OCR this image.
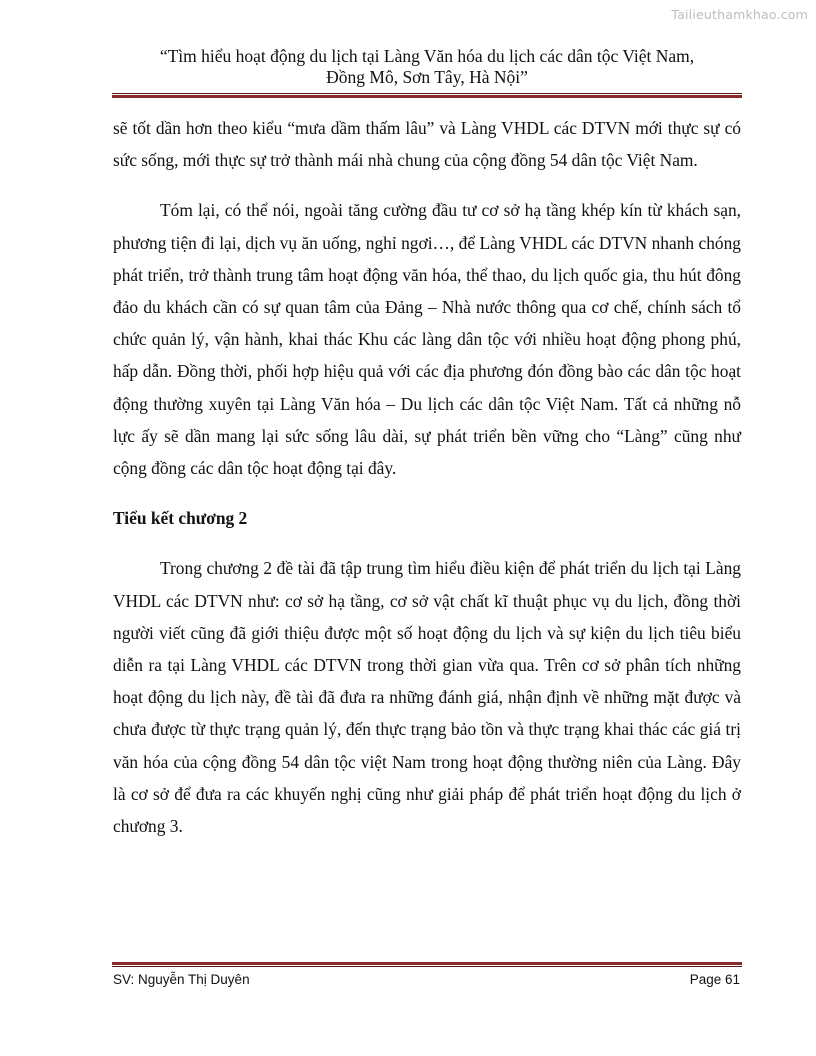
Tailieuthamkhao.com
“Tìm hiểu hoạt động du lịch tại Làng Văn hóa du lịch các dân tộc Việt Nam,
Đồng Mô, Sơn Tây, Hà Nội”

sẽ tốt dần hơn theo kiểu “mưa dầm thấm lâu” và Làng VHDL các DTVN mới thực sự có sức sống, mới thực sự trở thành mái nhà chung của cộng đồng 54 dân tộc Việt Nam.

Tóm lại, có thể nói, ngoài tăng cường đầu tư cơ sở hạ tầng khép kín từ khách sạn, phương tiện đi lại, dịch vụ ăn uống, nghỉ ngơi…, để Làng VHDL các DTVN nhanh chóng phát triển, trở thành trung tâm hoạt động văn hóa, thể thao, du lịch quốc gia, thu hút đông đảo du khách cần có sự quan tâm của Đảng – Nhà nước thông qua cơ chế, chính sách tổ chức quản lý, vận hành, khai thác Khu các làng dân tộc với nhiều hoạt động phong phú, hấp dẫn. Đồng thời, phối hợp hiệu quả với các địa phương đón đồng bào các dân tộc hoạt động thường xuyên tại Làng Văn hóa – Du lịch các dân tộc Việt Nam. Tất cả những nỗ lực ấy sẽ dần mang lại sức sống lâu dài, sự phát triển bền vững cho “Làng” cũng như cộng đồng các dân tộc hoạt động tại đây.

Tiểu kết chương 2

Trong chương 2 đề tài đã tập trung tìm hiểu điều kiện để phát triển du lịch tại Làng VHDL các DTVN như: cơ sở hạ tầng, cơ sở vật chất kĩ thuật phục vụ du lịch, đồng thời người viết cũng đã giới thiệu được một số hoạt động du lịch và sự kiện du lịch tiêu biểu diễn ra tại Làng VHDL các DTVN trong thời gian vừa qua. Trên cơ sở phân tích những hoạt động du lịch này, đề tài đã đưa ra những đánh giá, nhận định về những mặt được và chưa được từ thực trạng quản lý, đến thực trạng bảo tồn và thực trạng khai thác các giá trị văn hóa của cộng đồng 54 dân tộc việt Nam trong hoạt động thường niên của Làng. Đây là cơ sở để đưa ra các khuyến nghị cũng như giải pháp để phát triển hoạt động du lịch ở chương 3.

SV: Nguyễn Thị Duyên	Page 61
